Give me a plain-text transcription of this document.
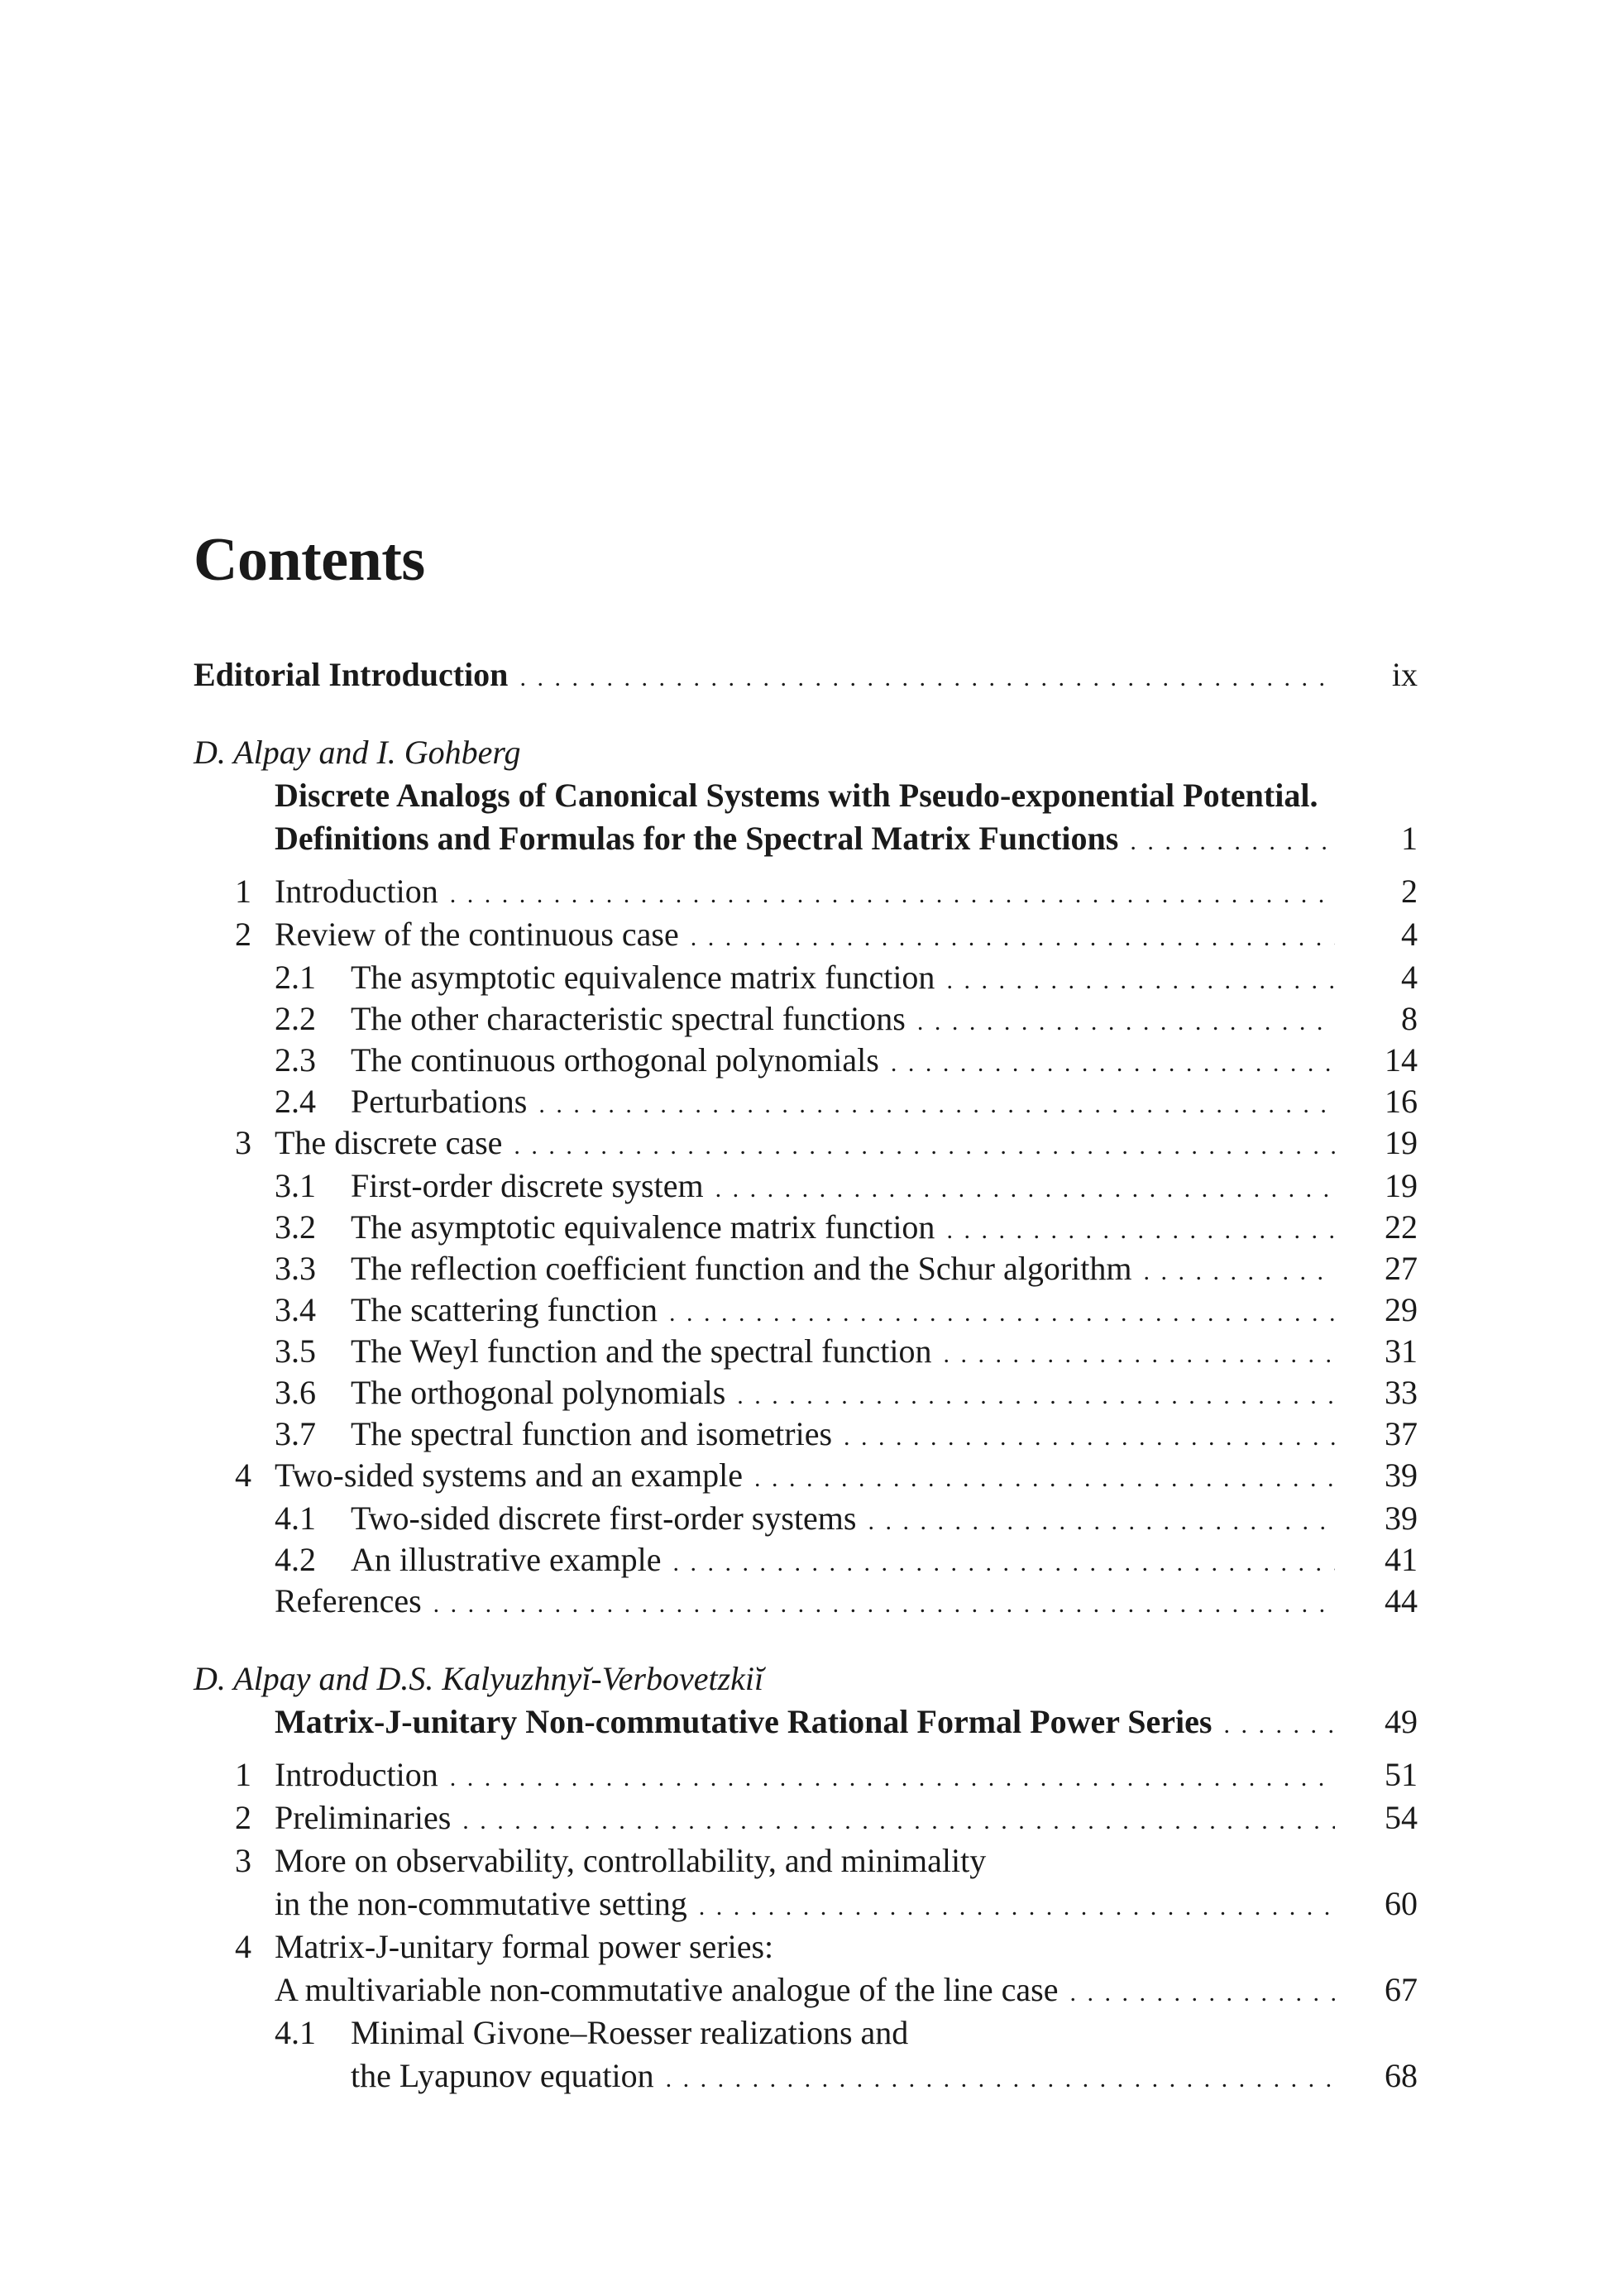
Contents
Editorial Introduction . . .	ix
D. Alpay and I. Gohberg
Discrete Analogs of Canonical Systems with Pseudo-exponential Potential.
Definitions and Formulas for the Spectral Matrix Functions . . .	1
1 Introduction . . .	2
2 Review of the continuous case . . .	4
2.1 The asymptotic equivalence matrix function . . .	4
2.2 The other characteristic spectral functions . . .	8
2.3 The continuous orthogonal polynomials . . .	14
2.4 Perturbations . . .	16
3 The discrete case . . .	19
3.1 First-order discrete system . . .	19
3.2 The asymptotic equivalence matrix function . . .	22
3.3 The reflection coefficient function and the Schur algorithm . . .	27
3.4 The scattering function . . .	29
3.5 The Weyl function and the spectral function . . .	31
3.6 The orthogonal polynomials . . .	33
3.7 The spectral function and isometries . . .	37
4 Two-sided systems and an example . . .	39
4.1 Two-sided discrete first-order systems . . .	39
4.2 An illustrative example . . .	41
References . . .	44
D. Alpay and D.S. Kalyuzhnyĭ-Verbovetzkiĭ
Matrix-J-unitary Non-commutative Rational Formal Power Series . . .	49
1 Introduction . . .	51
2 Preliminaries . . .	54
3 More on observability, controllability, and minimality
in the non-commutative setting . . .	60
4 Matrix-J-unitary formal power series:
A multivariable non-commutative analogue of the line case . . .	67
4.1 Minimal Givone–Roesser realizations and
the Lyapunov equation . . .	68
